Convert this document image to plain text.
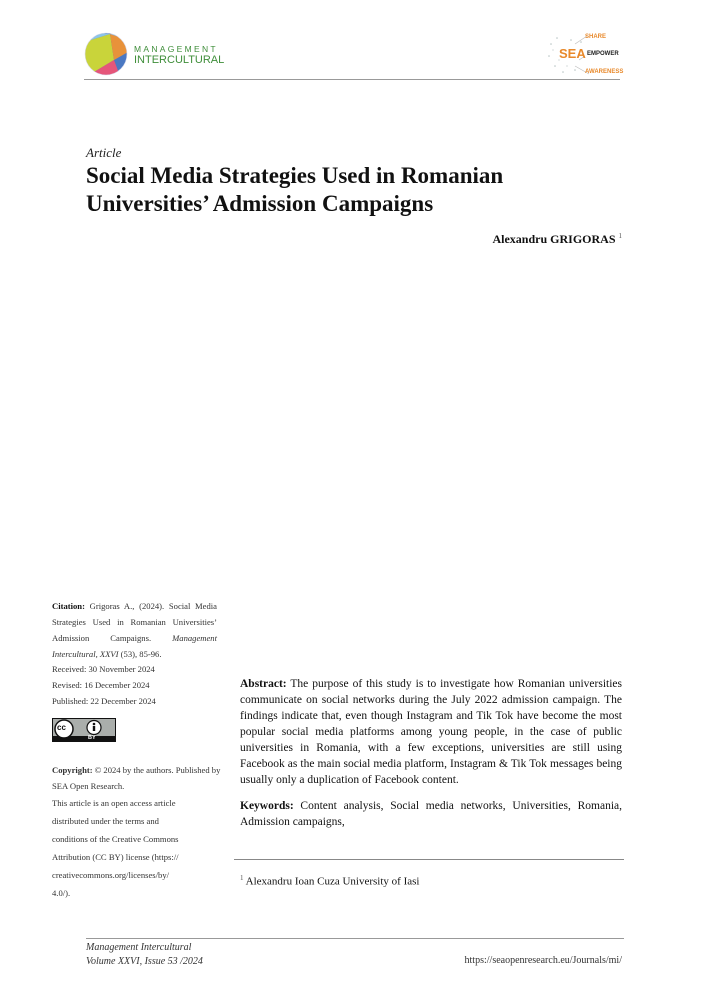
MANAGEMENT
INTERCULTURAL	SEA
SHARE
EMPOWER
AWARENESS
Article
Social Media Strategies Used in Romanian Universities’ Admission Campaigns
Alexandru GRIGORAS $^1$
Citation: Grigoras A., (2024). Social Media Strategies Used in Romanian Universities’ Admission Campaigns. Management Intercultural, XXVI (53), 85-96.
Received: 30 November 2024
Revised: 16 December 2024
Published: 22 December 2024
cc
BY
Copyright: © 2024 by the authors. Published by SEA Open Research.
This article is an open access article
distributed under the terms and
conditions of the Creative Commons
Attribution (CC BY) license (https://
creativecommons.org/licenses/by/
4.0/).
Abstract: The purpose of this study is to investigate how Romanian universities communicate on social networks during the July 2022 admission campaign. The findings indicate that, even though Instagram and Tik Tok have become the most popular social media platforms among young people, in the case of public universities in Romania, with a few exceptions, universities are still using Facebook as the main social media platform, Instagram & Tik Tok messages being usually only a duplication of Facebook content.
Keywords: Content analysis, Social media networks, Universities, Romania, Admission campaigns,
$^1$ Alexandru Ioan Cuza University of Iasi
Management Intercultural
Volume XXVI, Issue 53 /2024	https://seaopenresearch.eu/Journals/mi/
